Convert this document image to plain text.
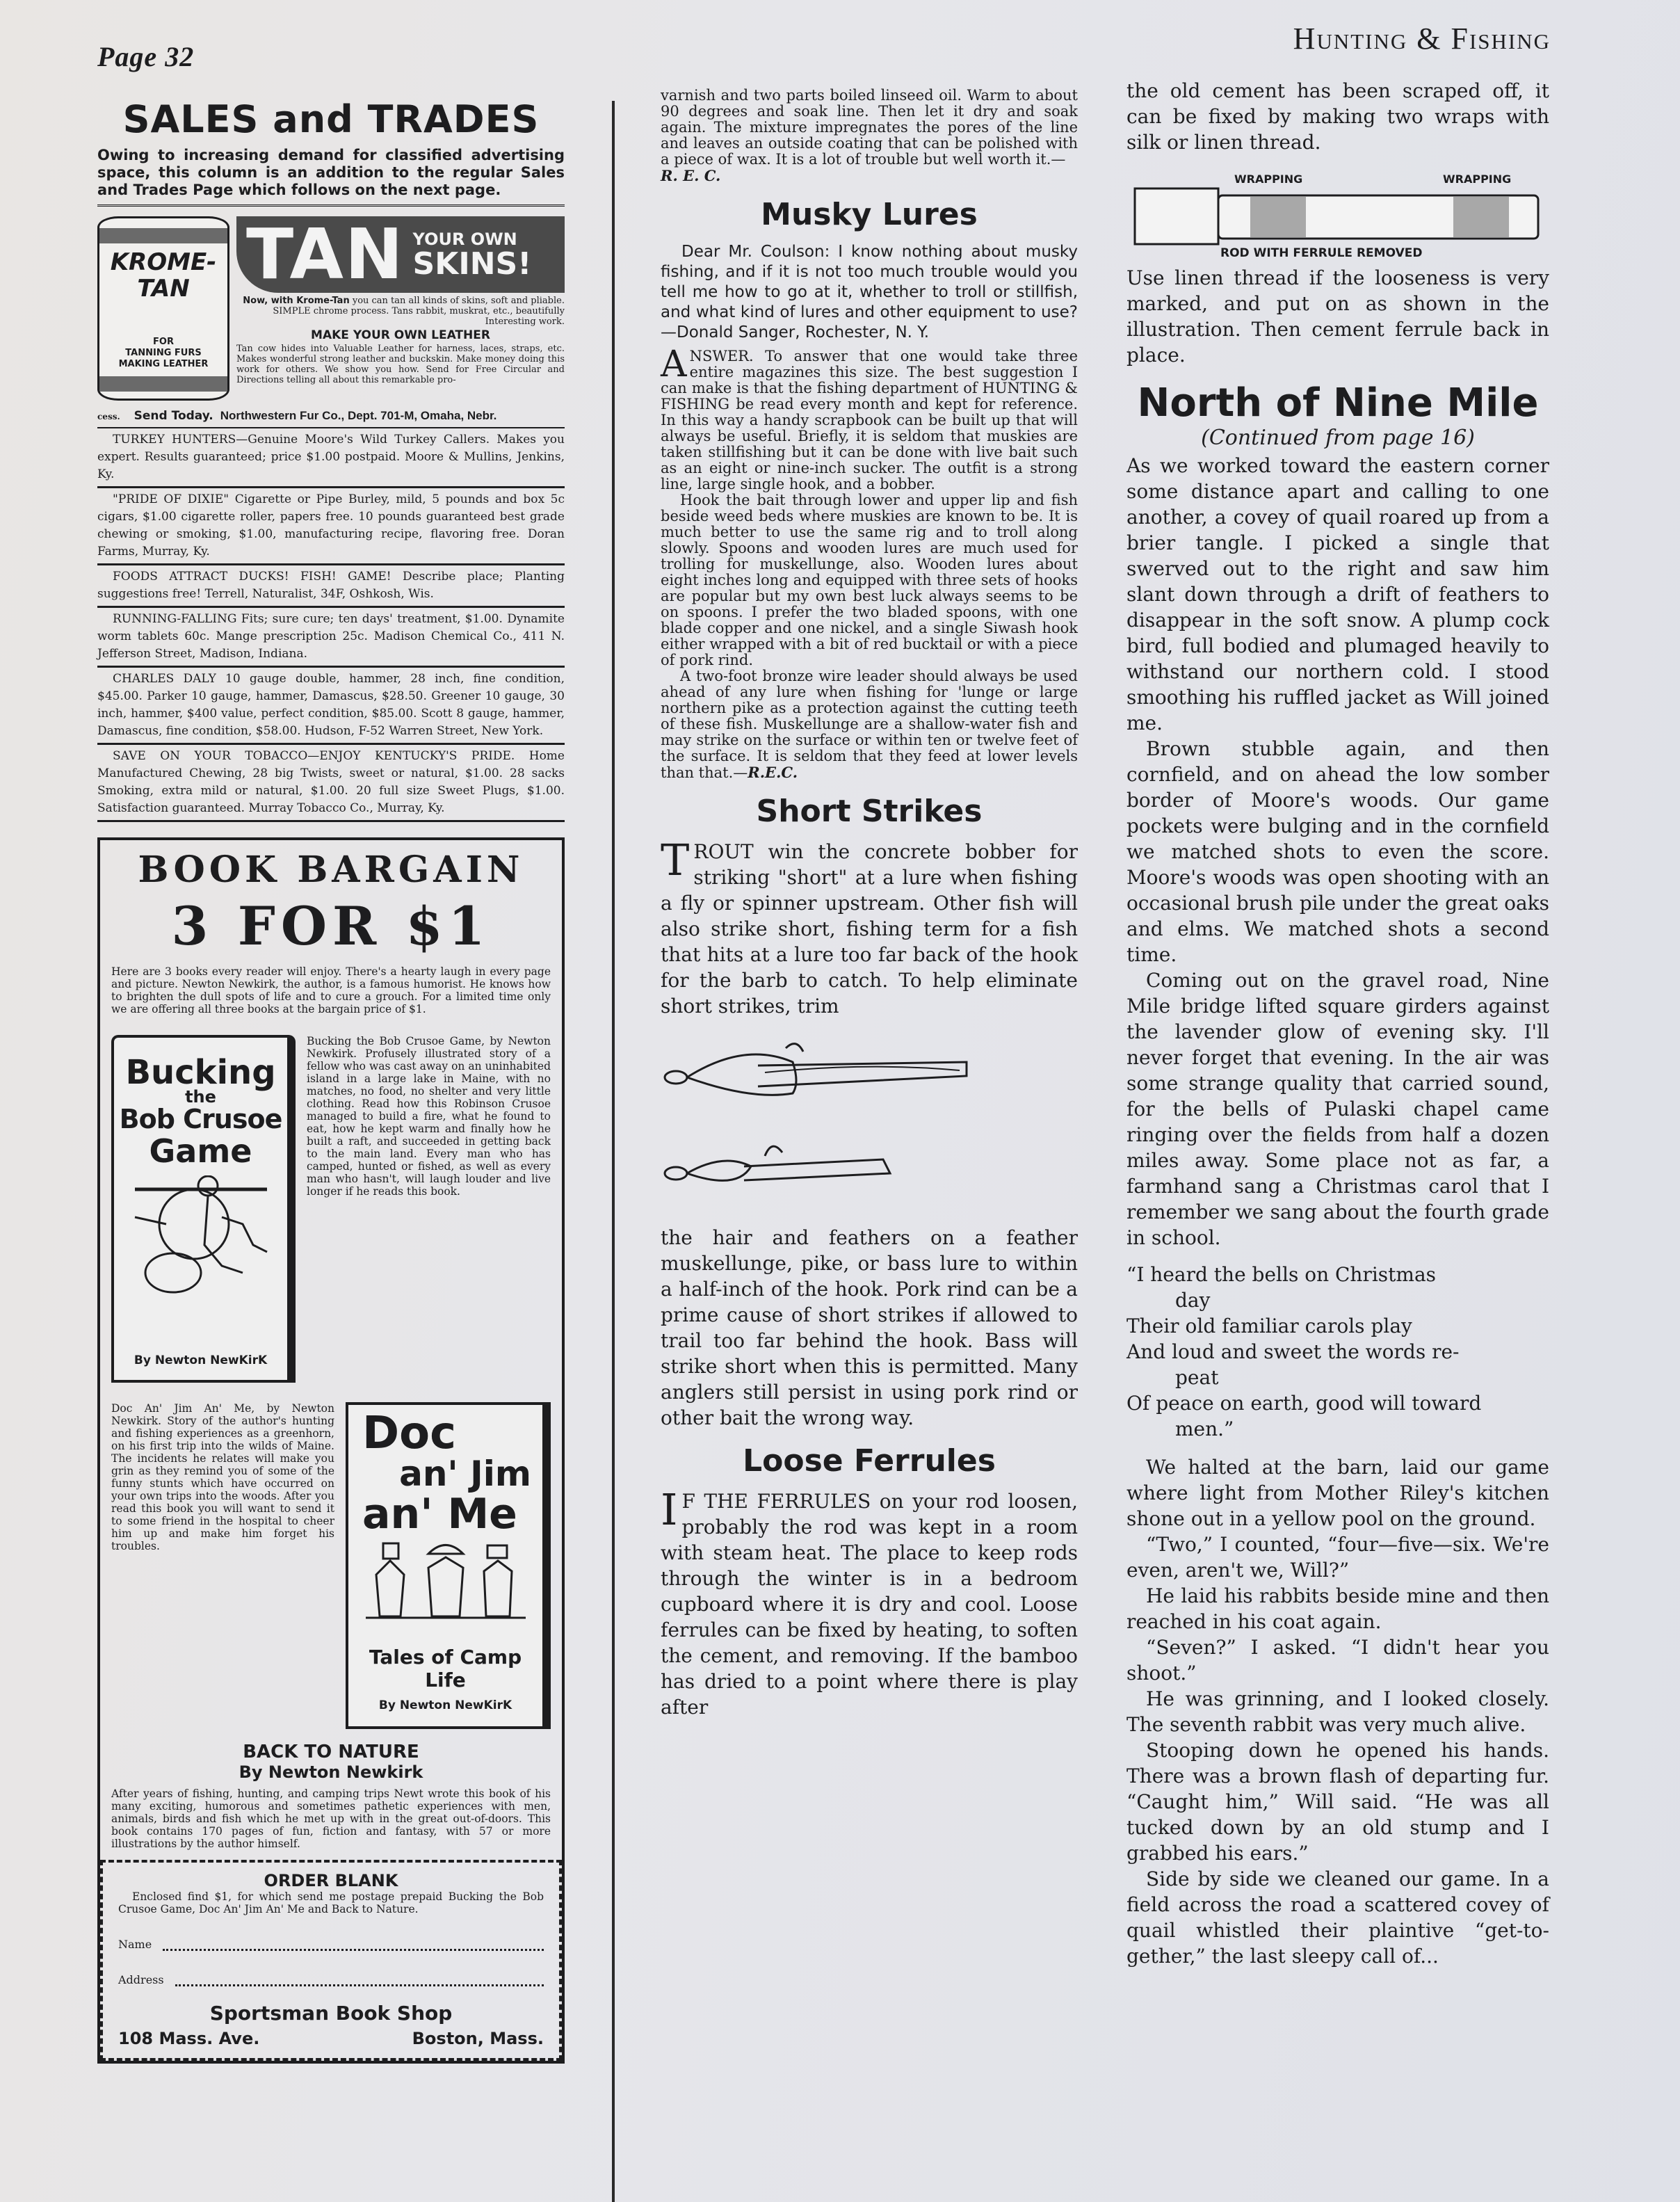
Page 32
Hunting & Fishing
SALES and TRADES
Owing to increasing demand for classified advertising space, this column is an addition to the regular Sales and Trades Page which follows on the next page.
KROME-
TAN
FOR
TANNING FURS
MAKING LEATHER
TAN YOUR OWN
SKINS!
Now, with Krome-Tan you can tan all kinds of skins, soft and pliable. SIMPLE chrome process. Tans rabbit, muskrat, etc., beautifully Interesting work.
MAKE YOUR OWN LEATHER
Tan cow hides into Valuable Leather for harness, laces, straps, etc. Makes wonderful strong leather and buckskin. Make money doing this work for others. We show you how. Send for Free Circular and Directions telling all about this remarkable pro-
cess. Send Today. Northwestern Fur Co., Dept. 701-M, Omaha, Nebr.
TURKEY HUNTERS—Genuine Moore's Wild Turkey Callers. Makes you expert. Results guaranteed; price $1.00 postpaid. Moore & Mullins, Jenkins, Ky.
"PRIDE OF DIXIE" Cigarette or Pipe Burley, mild, 5 pounds and box 5c cigars, $1.00 cigarette roller, papers free. 10 pounds guaranteed best grade chewing or smoking, $1.00, manufacturing recipe, flavoring free. Doran Farms, Murray, Ky.
FOODS ATTRACT DUCKS! FISH! GAME! Describe place; Planting suggestions free! Terrell, Naturalist, 34F, Oshkosh, Wis.
RUNNING-FALLING Fits; sure cure; ten days' treatment, $1.00. Dynamite worm tablets 60c. Mange prescription 25c. Madison Chemical Co., 411 N. Jefferson Street, Madison, Indiana.
CHARLES DALY 10 gauge double, hammer, 28 inch, fine condition, $45.00. Parker 10 gauge, hammer, Damascus, $28.50. Greener 10 gauge, 30 inch, hammer, $400 value, perfect condition, $85.00. Scott 8 gauge, hammer, Damascus, fine condition, $58.00. Hudson, F-52 Warren Street, New York.
SAVE ON YOUR TOBACCO—ENJOY KENTUCKY'S PRIDE. Home Manufactured Chewing, 28 big Twists, sweet or natural, $1.00. 28 sacks Smoking, extra mild or natural, $1.00. 20 full size Sweet Plugs, $1.00. Satisfaction guaranteed. Murray Tobacco Co., Murray, Ky.
BOOK BARGAIN
3 FOR $1
Here are 3 books every reader will enjoy. There's a hearty laugh in every page and picture. Newton Newkirk, the author, is a famous humorist. He knows how to brighten the dull spots of life and to cure a grouch. For a limited time only we are offering all three books at the bargain price of $1.
Bucking
the
Bob Crusoe
Game
By Newton NewKirK
Bucking the Bob Crusoe Game, by Newton Newkirk. Profusely illustrated story of a fellow who was cast away on an uninhabited island in a large lake in Maine, with no matches, no food, no shelter and very little clothing. Read how this Robinson Crusoe managed to build a fire, what he found to eat, how he kept warm and finally how he built a raft, and succeeded in getting back to the main land. Every man who has camped, hunted or fished, as well as every man who hasn't, will laugh louder and live longer if he reads this book.
Doc An' Jim An' Me, by Newton Newkirk. Story of the author's hunting and fishing experiences as a greenhorn, on his first trip into the wilds of Maine. The incidents he relates will make you grin as they remind you of some of the funny stunts which have occurred on your own trips into the woods. After you read this book you will want to send it to some friend in the hospital to cheer him up and make him forget his troubles.
Doc
an' Jim
an' Me
Tales of Camp Life
By Newton NewKirK
BACK TO NATURE
By Newton Newkirk
After years of fishing, hunting, and camping trips Newt wrote this book of his many exciting, humorous and sometimes pathetic experiences with men, animals, birds and fish which he met up with in the great out-of-doors. This book contains 170 pages of fun, fiction and fantasy, with 57 or more illustrations by the author himself.
ORDER BLANK
Enclosed find $1, for which send me postage prepaid Bucking the Bob Crusoe Game, Doc An' Jim An' Me and Back to Nature.
Name
Address
Sportsman Book Shop
108 Mass. Ave.	Boston, Mass.
varnish and two parts boiled linseed oil. Warm to about 90 degrees and soak line. Then let it dry and soak again. The mixture impregnates the pores of the line and leaves an outside coating that can be polished with a piece of wax. It is a lot of trouble but well worth it.—
R. E. C.
Musky Lures
Dear Mr. Coulson: I know nothing about musky fishing, and if it is not too much trouble would you tell me how to go at it, whether to troll or stillfish, and what kind of lures and other equipment to use?—Donald Sanger, Rochester, N. Y.
ANSWER. To answer that one would take three entire magazines this size. The best suggestion I can make is that the fishing department of HUNTING & FISHING be read every month and kept for reference. In this way a handy scrapbook can be built up that will always be useful. Briefly, it is seldom that muskies are taken stillfishing but it can be done with live bait such as an eight or nine-inch sucker. The outfit is a strong line, large single hook, and a bobber.
Hook the bait through lower and upper lip and fish beside weed beds where muskies are known to be. It is much better to use the same rig and to troll along slowly. Spoons and wooden lures are much used for trolling for muskellunge, also. Wooden lures about eight inches long and equipped with three sets of hooks are popular but my own best luck always seems to be on spoons. I prefer the two bladed spoons, with one blade copper and one nickel, and a single Siwash hook either wrapped with a bit of red bucktail or with a piece of pork rind.
A two-foot bronze wire leader should always be used ahead of any lure when fishing for 'lunge or large northern pike as a protection against the cutting teeth of these fish. Muskellunge are a shallow-water fish and may strike on the surface or within ten or twelve feet of the surface. It is seldom that they feed at lower levels than that.—R.E.C.
Short Strikes
TROUT win the concrete bobber for striking "short" at a lure when fishing a fly or spinner upstream. Other fish will also strike short, fishing term for a fish that hits at a lure too far back of the hook for the barb to catch. To help eliminate short strikes, trim
the hair and feathers on a feather muskellunge, pike, or bass lure to within a half-inch of the hook. Pork rind can be a prime cause of short strikes if allowed to trail too far behind the hook. Bass will strike short when this is permitted. Many anglers still persist in using pork rind or other bait the wrong way.
Loose Ferrules
IF THE FERRULES on your rod loosen, probably the rod was kept in a room with steam heat. The place to keep rods through the winter is in a bedroom cupboard where it is dry and cool. Loose ferrules can be fixed by heating, to soften the cement, and removing. If the bamboo has dried to a point where there is play after
the old cement has been scraped off, it can be fixed by making two wraps with silk or linen thread.
WRAPPING	WRAPPING
ROD WITH FERRULE REMOVED
Use linen thread if the looseness is very marked, and put on as shown in the illustration. Then cement ferrule back in place.
North of Nine Mile
(Continued from page 16)
As we worked toward the eastern corner some distance apart and calling to one another, a covey of quail roared up from a brier tangle. I picked a single that swerved out to the right and saw him slant down through a drift of feathers to disappear in the soft snow. A plump cock bird, full bodied and plumaged heavily to withstand our northern cold. I stood smoothing his ruffled jacket as Will joined me.
Brown stubble again, and then cornfield, and on ahead the low somber border of Moore's woods. Our game pockets were bulging and in the cornfield we matched shots to even the score. Moore's woods was open shooting with an occasional brush pile under the great oaks and elms. We matched shots a second time.
Coming out on the gravel road, Nine Mile bridge lifted square girders against the lavender glow of evening sky. I'll never forget that evening. In the air was some strange quality that carried sound, for the bells of Pulaski chapel came ringing over the fields from half a dozen miles away. Some place not as far, a farmhand sang a Christmas carol that I remember we sang about the fourth grade in school.
“I heard the bells on Christmas
day
Their old familiar carols play
And loud and sweet the words re-
peat
Of peace on earth, good will toward
men.”
We halted at the barn, laid our game where light from Mother Riley's kitchen shone out in a yellow pool on the ground.
“Two,” I counted, “four—five—six. We're even, aren't we, Will?”
He laid his rabbits beside mine and then reached in his coat again.
“Seven?” I asked. “I didn't hear you shoot.”
He was grinning, and I looked closely. The seventh rabbit was very much alive.
Stooping down he opened his hands. There was a brown flash of departing fur. “Caught him,” Will said. “He was all tucked down by an old stump and I grabbed his ears.”
Side by side we cleaned our game. In a field across the road a scattered covey of quail whistled their plaintive “get-to-gether,” the last sleepy call of...
